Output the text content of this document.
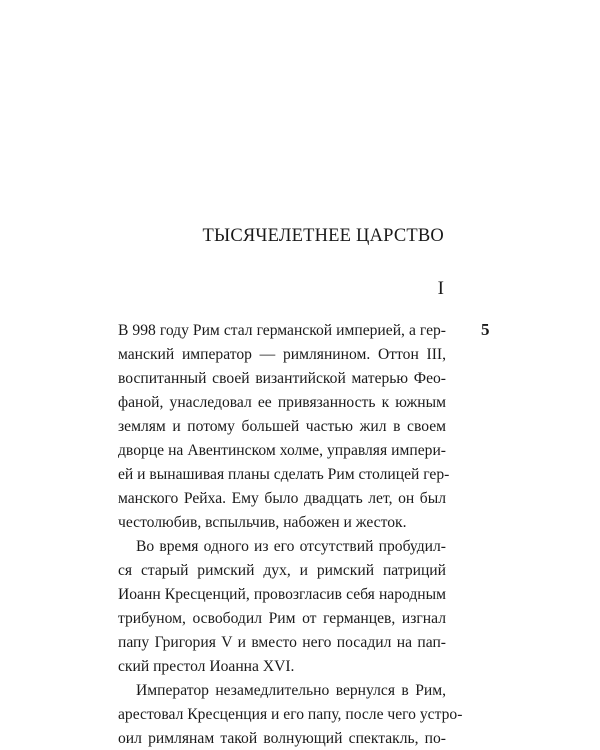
ТЫСЯЧЕЛЕТНЕЕ ЦАРСТВО
I
5
В 998 году Рим стал германской империей, а гер-
манский император — римлянином. Оттон III,
воспитанный своей византийской матерью Фео-
фаной, унаследовал ее привязанность к южным
землям и потому большей частью жил в своем
дворце на Авентинском холме, управляя импери-
ей и вынашивая планы сделать Рим столицей гер-
манского Рейха. Ему было двадцать лет, он был
честолюбив, вспыльчив, набожен и жесток.
Во время одного из его отсутствий пробудил-
ся старый римский дух, и римский патриций
Иоанн Кресценций, провозгласив себя народным
трибуном, освободил Рим от германцев, изгнал
папу Григория V и вместо него посадил на пап-
ский престол Иоанна XVI.
Император незамедлительно вернулся в Рим,
арестовал Кресценция и его папу, после чего устро-
оил римлянам такой волнующий спектакль, по-
